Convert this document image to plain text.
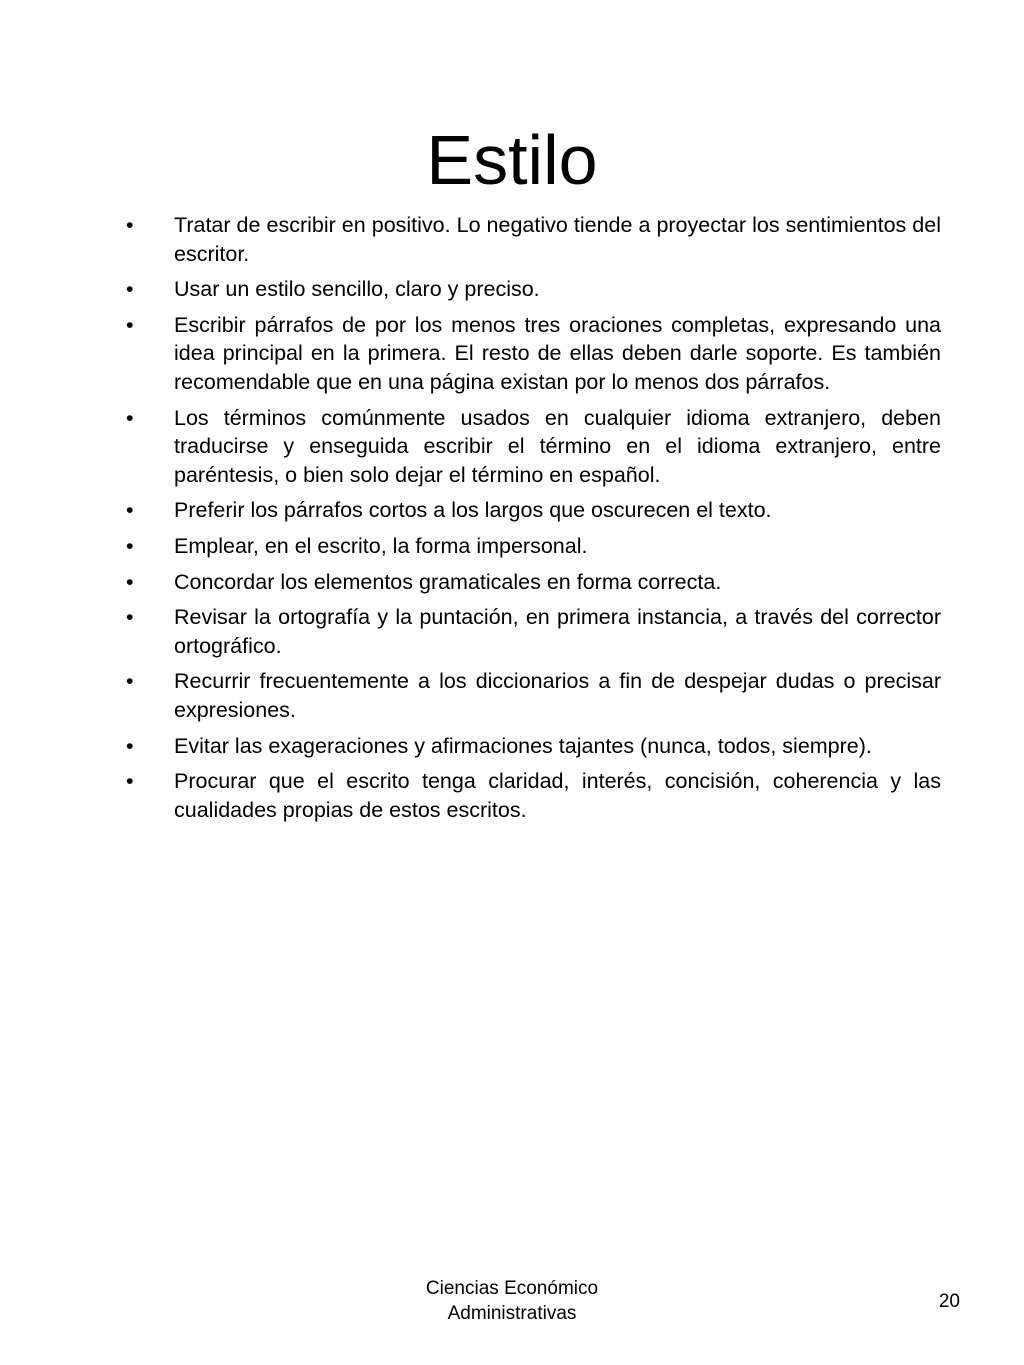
Estilo
•	Tratar de escribir en positivo. Lo negativo tiende a proyectar los sentimientos del escritor.
•	Usar un estilo sencillo, claro y preciso.
•	Escribir párrafos de por los menos tres oraciones completas, expresando una idea principal en la primera. El resto de ellas deben darle soporte. Es también recomendable que en una página existan por lo menos dos párrafos.
•	Los términos comúnmente usados en cualquier idioma extranjero, deben traducirse y enseguida escribir el término en el idioma extranjero, entre paréntesis, o bien solo dejar el término en español.
•	Preferir los párrafos cortos a los largos que oscurecen el texto.
•	Emplear, en el escrito, la forma impersonal.
•	Concordar los elementos gramaticales en forma correcta.
•	Revisar la ortografía y la puntación, en primera instancia, a través del corrector ortográfico.
•	Recurrir frecuentemente a los diccionarios a fin de despejar dudas o precisar expresiones.
•	Evitar las exageraciones y afirmaciones tajantes (nunca, todos, siempre).
•	Procurar que el escrito tenga claridad, interés, concisión, coherencia y las cualidades propias de estos escritos.
Ciencias Económico
Administrativas
20
